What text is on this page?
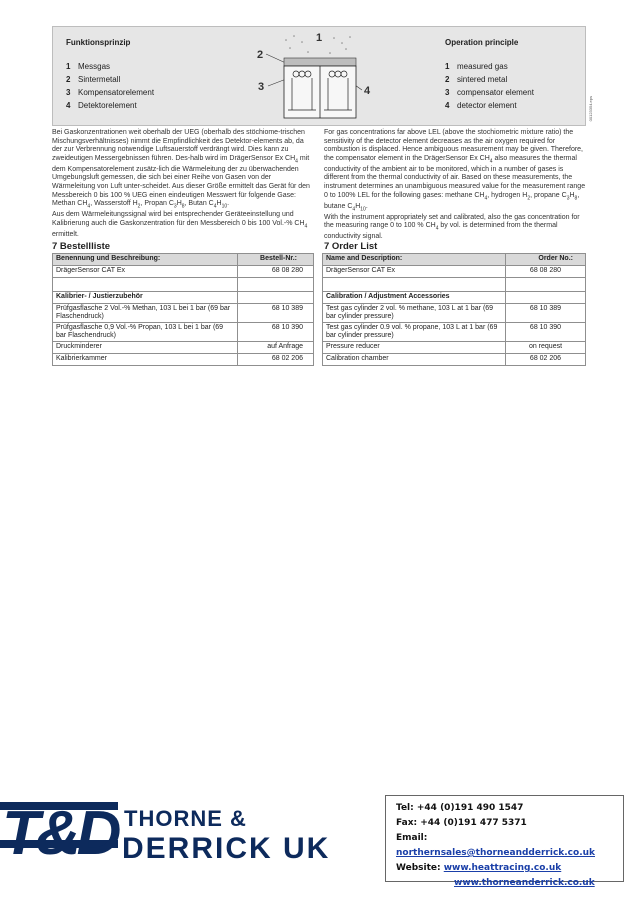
Funktionsprinzip
1 Messgas
2 Sintermetall
3 Kompensatorelement
4 Detektorelement
Operation principle
1 measured gas
2 sintered metal
3 compensator element
4 detector element	00123354.eps
1
2
3	4
Bei Gaskonzentrationen weit oberhalb der UEG (oberhalb des stöchiome-trischen Mischungsverhältnisses) nimmt die Empfindlichkeit des Detektor-elements ab, da der zur Verbrennung notwendige Luftsauerstoff verdrängt wird. Dies kann zu zweideutigen Messergebnissen führen. Des-halb wird im DrägerSensor Ex $CH_4$ mit dem Kompensatorelement zusätz-lich die Wärmeleitung der zu überwachenden Umgebungsluft gemessen, die sich bei einer Reihe von Gasen von der Wärmeleitung von Luft unter-scheidet. Aus dieser Größe ermittelt das Gerät für den Messbereich 0 bis 100 % UEG einen eindeutigen Messwert für folgende Gase: Methan $CH_4$, Wasserstoff $H_2$, Propan $C_3H_8$, Butan $C_4H_{10}$.
Aus dem Wärmeleitungssignal wird bei entsprechender Geräteeinstellung und Kalibrierung auch die Gaskonzentration für den Messbereich 0 bis 100 Vol.-% $CH_4$ ermittelt.
7 Bestellliste
Benennung und Beschreibung:	Bestell-Nr.:
DrägerSensor CAT Ex	68 08 280

Kalibrier- / Justierzubehör	
Prüfgasflasche 2 Vol.-% Methan, 103 L bei 1 bar (69 bar Flaschendruck)	68 10 389
Prüfgasflasche 0,9 Vol.-% Propan, 103 L bei 1 bar (69 bar Flaschendruck)	68 10 390
Druckminderer	auf Anfrage
Kalibrierkammer	68 02 206
For gas concentrations far above LEL (above the stochiometric mixture ratio) the sensitivity of the detector element decreases as the air oxygen required for combustion is displaced. Hence ambiguous measurement may be given. Therefore, the compensator element in the DrägerSensor Ex $CH_4$ also measures the thermal conductivity of the ambient air to be monitored, which in a number of gases is different from the thermal conductivity of air. Based on these measurements, the instrument determines an unambiguous measured value for the measurement range 0 to 100% LEL for the following gases: methane $CH_4$, hydrogen $H_2$, propane $C_3H_8$, butane $C_4H_{10}$.
With the instrument appropriately set and calibrated, also the gas concentration for the measuring range 0 to 100 % $CH_4$ by vol. is determined from the thermal conductivity signal.
7 Order List
Name and Description:	Order No.:
DrägerSensor CAT Ex	68 08 280

Calibration / Adjustment Accessories	
Test gas cylinder 2 vol. % methane, 103 L at 1 bar (69 bar cylinder pressure)	68 10 389
Test gas cylinder 0.9 vol. % propane, 103 L at 1 bar (69 bar cylinder pressure)	68 10 390
Pressure reducer	on request
Calibration chamber	68 02 206
T&D THORNE &
DERRICK UK
Tel: +44 (0)191 490 1547
Fax: +44 (0)191 477 5371
Email: northernsales@thorneandderrick.co.uk
Website: www.heattracing.co.uk
www.thorneanderrick.co.uk
